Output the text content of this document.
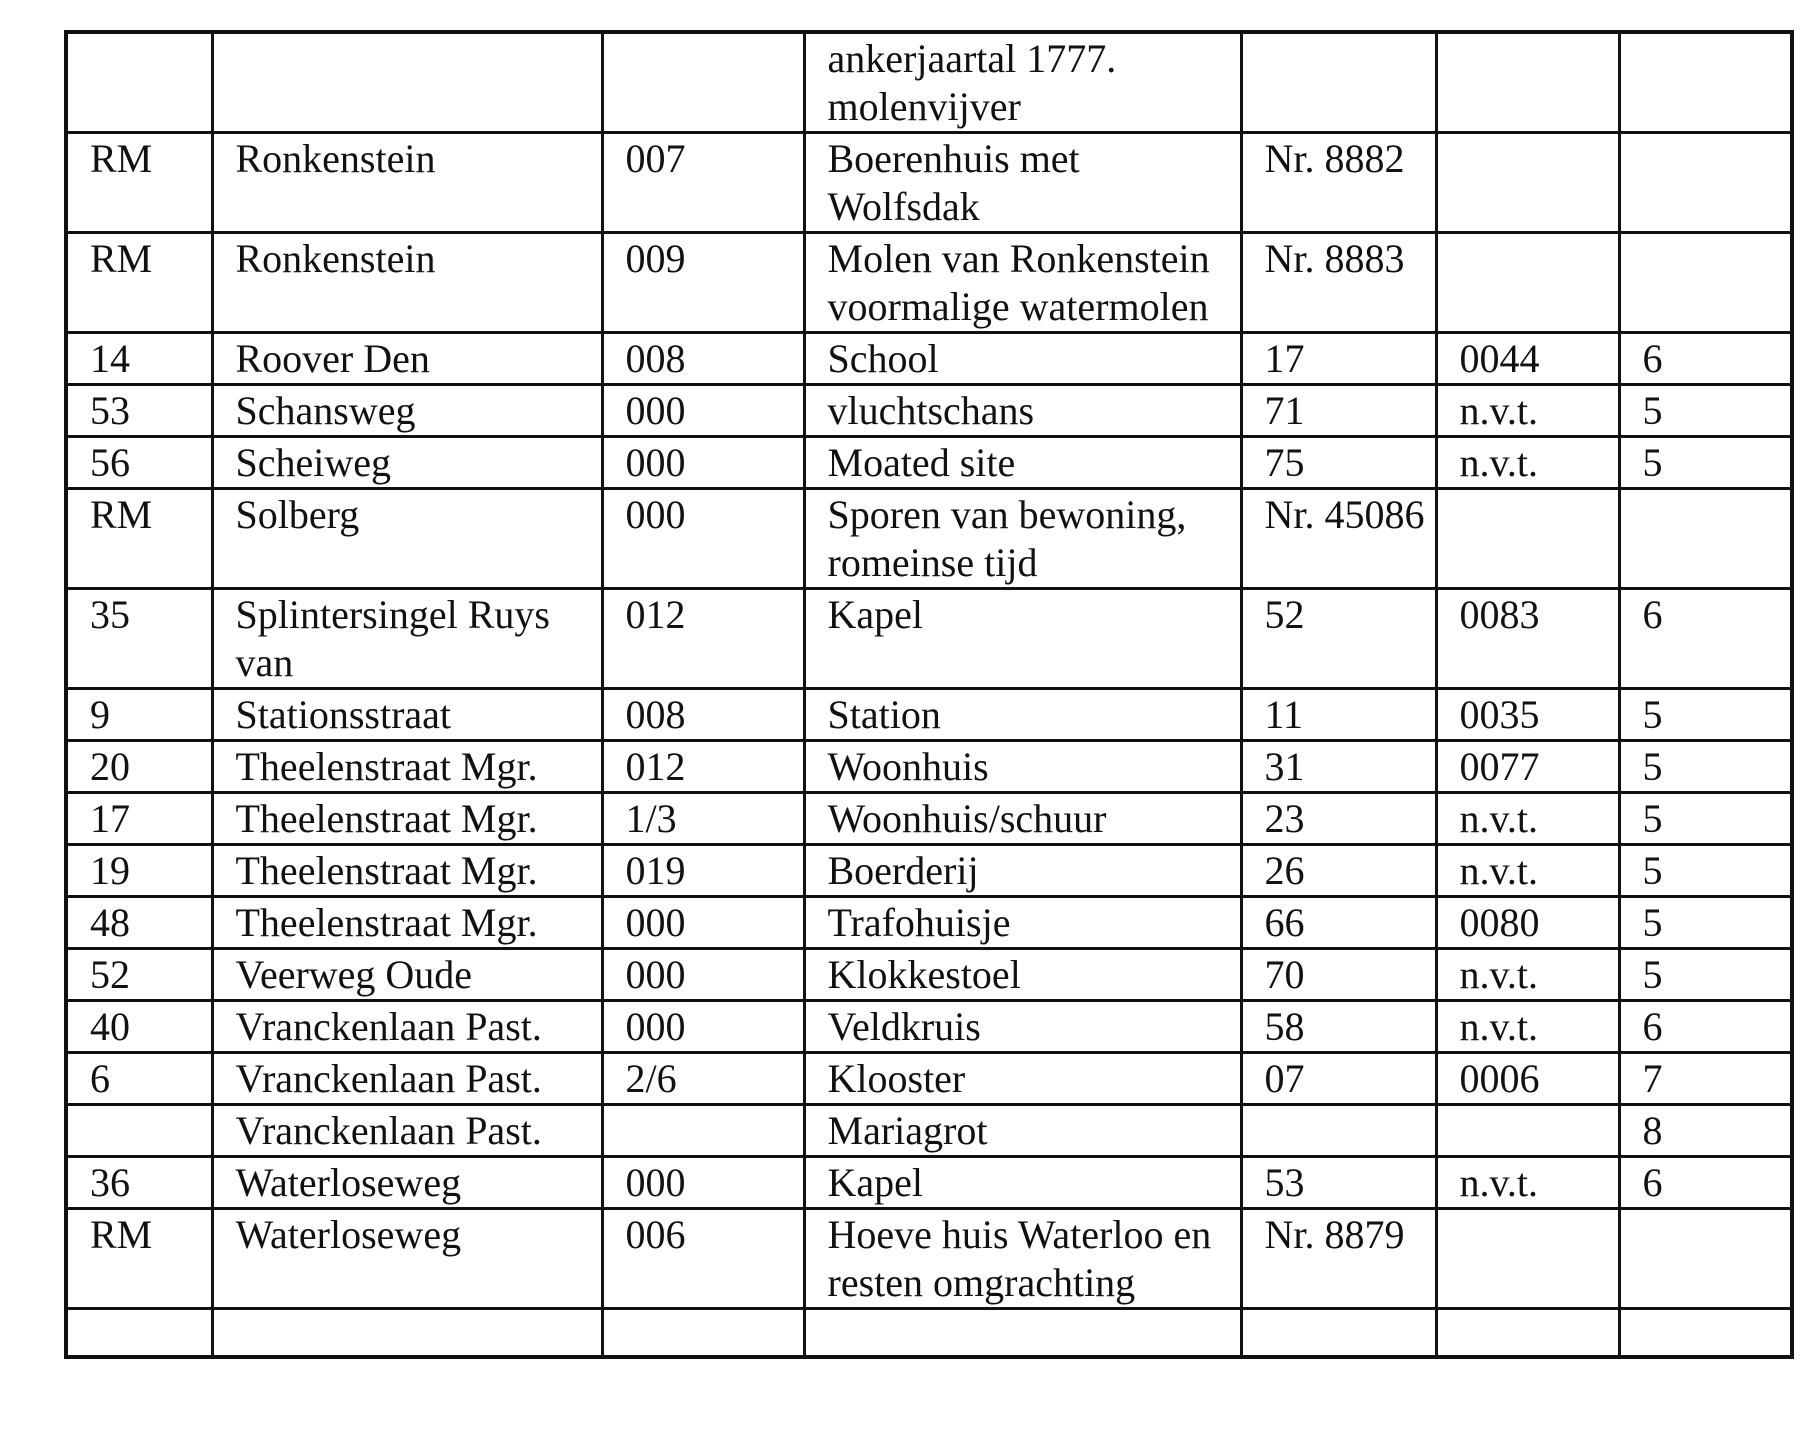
			ankerjaartal 1777. molenvijver			
RM	Ronkenstein	007	Boerenhuis met Wolfsdak	Nr. 8882		
RM	Ronkenstein	009	Molen van Ronkenstein voormalige watermolen	Nr. 8883		
14	Roover Den	008	School	17	0044	6
53	Schansweg	000	vluchtschans	71	n.v.t.	5
56	Scheiweg	000	Moated site	75	n.v.t.	5
RM	Solberg	000	Sporen van bewoning, romeinse tijd	Nr. 45086		
35	Splintersingel Ruys van	012	Kapel	52	0083	6
9	Stationsstraat	008	Station	11	0035	5
20	Theelenstraat Mgr.	012	Woonhuis	31	0077	5
17	Theelenstraat Mgr.	1/3	Woonhuis/schuur	23	n.v.t.	5
19	Theelenstraat Mgr.	019	Boerderij	26	n.v.t.	5
48	Theelenstraat Mgr.	000	Trafohuisje	66	0080	5
52	Veerweg Oude	000	Klokkestoel	70	n.v.t.	5
40	Vranckenlaan Past.	000	Veldkruis	58	n.v.t.	6
6	Vranckenlaan Past.	2/6	Klooster	07	0006	7
	Vranckenlaan Past.		Mariagrot			8
36	Waterloseweg	000	Kapel	53	n.v.t.	6
RM	Waterloseweg	006	Hoeve huis Waterloo en resten omgrachting	Nr. 8879		
